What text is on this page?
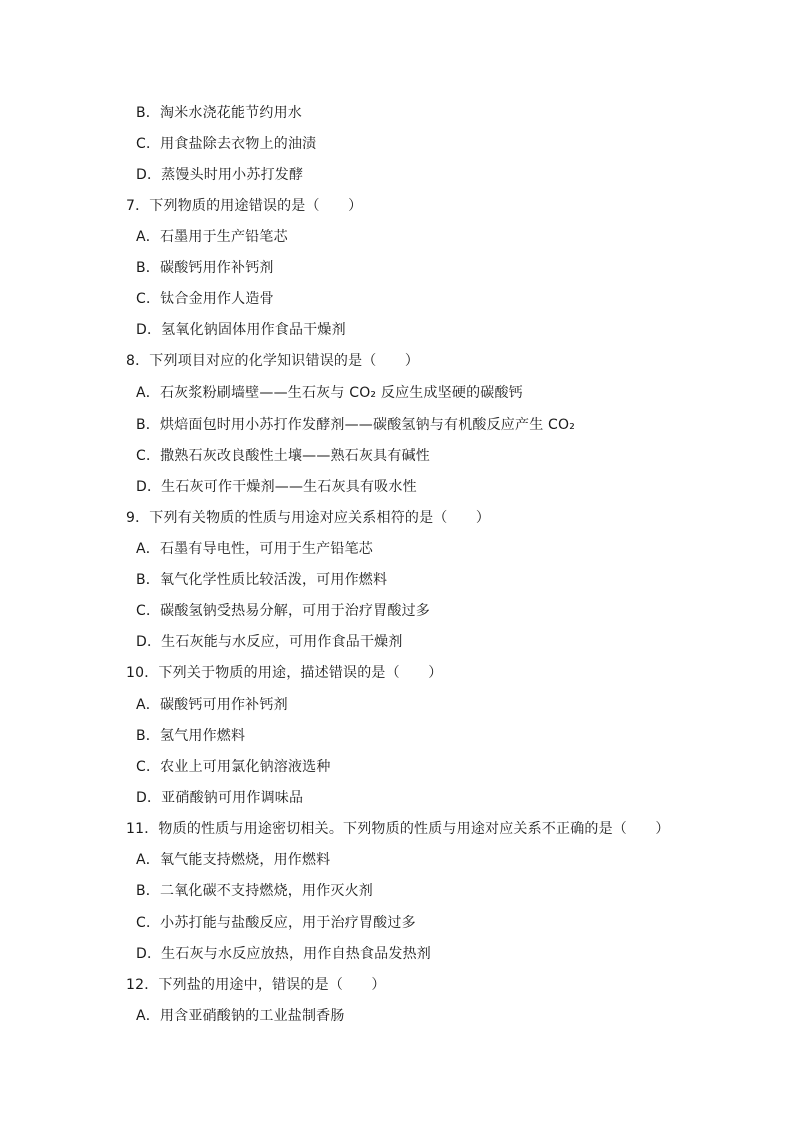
B．淘米水浇花能节约用水
C．用食盐除去衣物上的油渍
D．蒸馒头时用小苏打发酵
7．下列物质的用途错误的是（　　）
A．石墨用于生产铅笔芯
B．碳酸钙用作补钙剂
C．钛合金用作人造骨
D．氢氧化钠固体用作食品干燥剂
8．下列项目对应的化学知识错误的是（　　）
A．石灰浆粉刷墙壁——生石灰与 CO₂ 反应生成坚硬的碳酸钙
B．烘焙面包时用小苏打作发酵剂——碳酸氢钠与有机酸反应产生 CO₂
C．撒熟石灰改良酸性土壤——熟石灰具有碱性
D．生石灰可作干燥剂——生石灰具有吸水性
9．下列有关物质的性质与用途对应关系相符的是（　　）
A．石墨有导电性，可用于生产铅笔芯
B．氧气化学性质比较活泼，可用作燃料
C．碳酸氢钠受热易分解，可用于治疗胃酸过多
D．生石灰能与水反应，可用作食品干燥剂
10．下列关于物质的用途，描述错误的是（　　）
A．碳酸钙可用作补钙剂
B．氢气用作燃料
C．农业上可用氯化钠溶液选种
D．亚硝酸钠可用作调味品
11．物质的性质与用途密切相关。下列物质的性质与用途对应关系不正确的是（　　）
A．氧气能支持燃烧，用作燃料
B．二氧化碳不支持燃烧，用作灭火剂
C．小苏打能与盐酸反应，用于治疗胃酸过多
D．生石灰与水反应放热，用作自热食品发热剂
12．下列盐的用途中，错误的是（　　）
A．用含亚硝酸钠的工业盐制香肠
